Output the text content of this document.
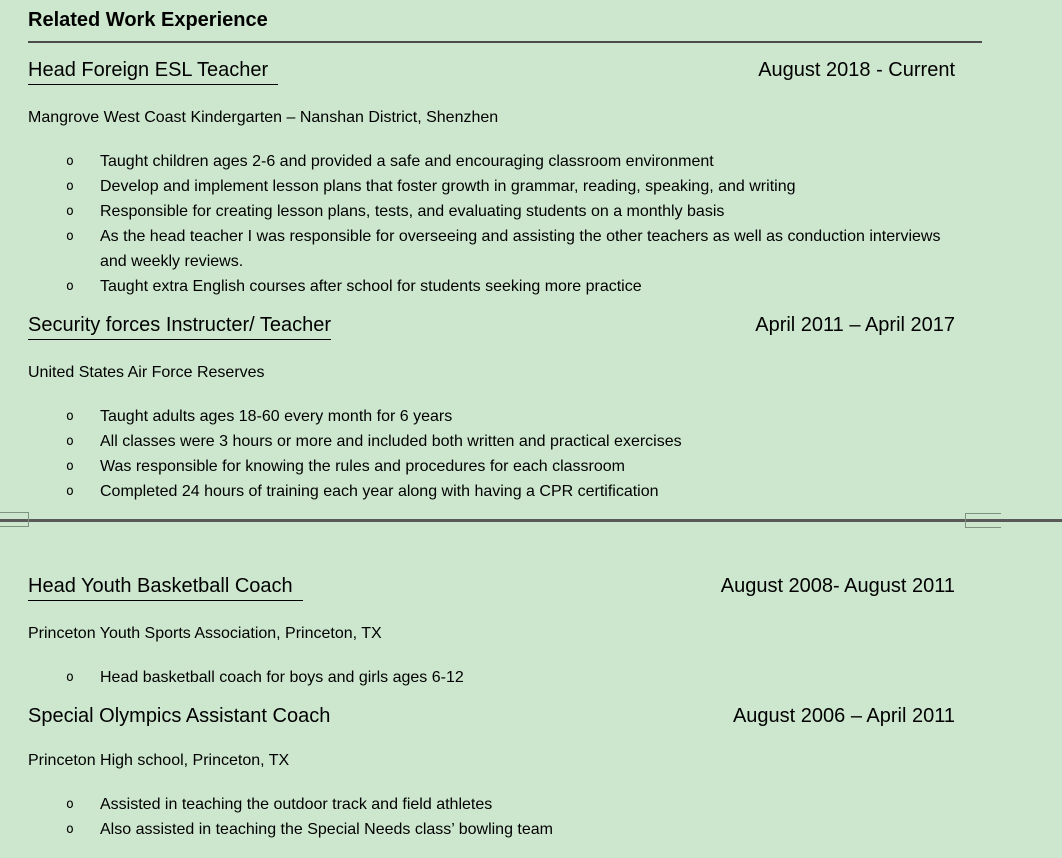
Related Work Experience
Head Foreign ESL Teacher	August 2018 - Current
Mangrove West Coast Kindergarten – Nanshan District, Shenzhen
o	Taught children ages 2-6 and provided a safe and encouraging classroom environment
o	Develop and implement lesson plans that foster growth in grammar, reading, speaking, and writing
o	Responsible for creating lesson plans, tests, and evaluating students on a monthly basis
o	As the head teacher I was responsible for overseeing and assisting the other teachers as well as conduction interviews and weekly reviews.
o	Taught extra English courses after school for students seeking more practice
Security forces Instructer/ Teacher	April 2011 – April 2017
United States Air Force Reserves
o	Taught adults ages 18-60 every month for 6 years
o	All classes were 3 hours or more and included both written and practical exercises
o	Was responsible for knowing the rules and procedures for each classroom
o	Completed 24 hours of training each year along with having a CPR certification
Head Youth Basketball Coach	August 2008- August 2011
Princeton Youth Sports Association, Princeton, TX
o	Head basketball coach for boys and girls ages 6-12
Special Olympics Assistant Coach	August 2006 – April 2011
Princeton High school, Princeton, TX
o	Assisted in teaching the outdoor track and field athletes
o	Also assisted in teaching the Special Needs class’ bowling team
